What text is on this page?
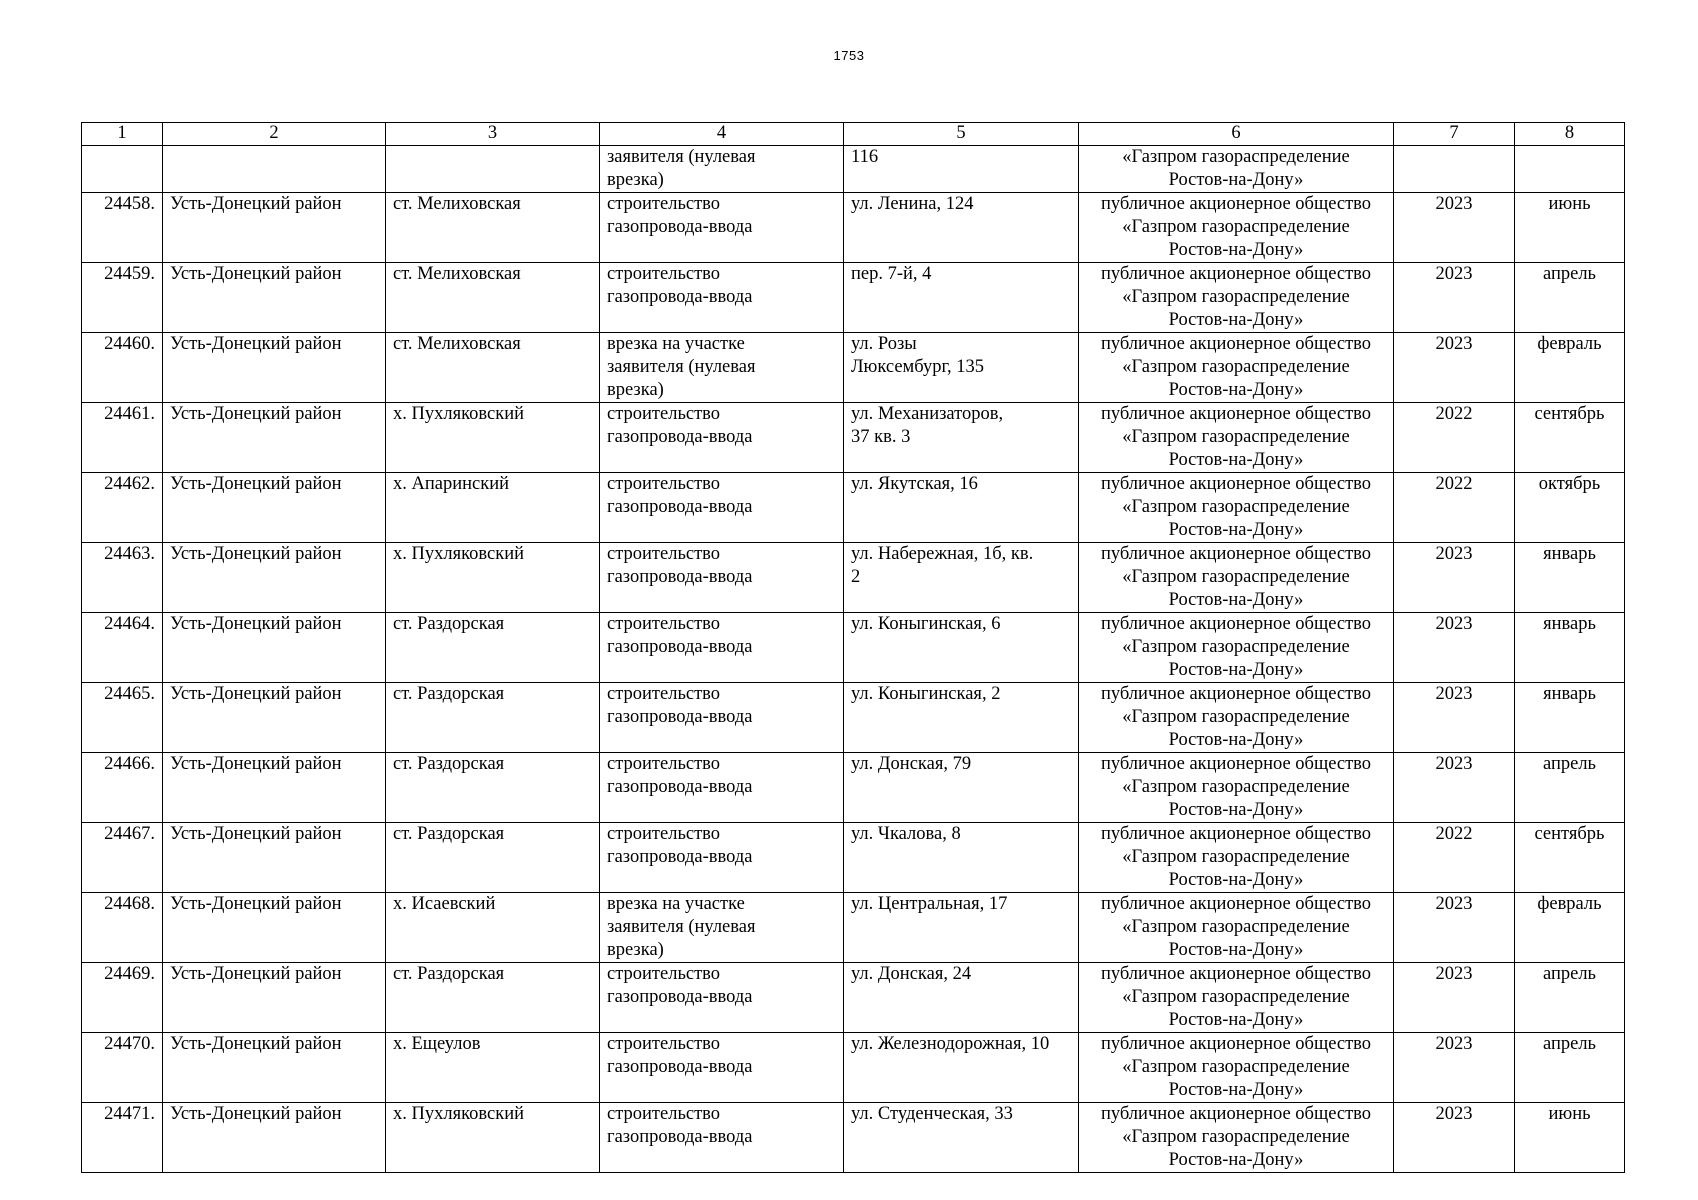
1753
1	2	3	4	5	6	7	8
			заявителя (нулевая
врезка)	116	«Газпром газораспределение
Ростов-на-Дону»		
24458.	Усть-Донецкий район	ст. Мелиховская	строительство
газопровода-ввода	ул. Ленина, 124	публичное акционерное общество
«Газпром газораспределение
Ростов-на-Дону»	2023	июнь
24459.	Усть-Донецкий район	ст. Мелиховская	строительство
газопровода-ввода	пер. 7-й, 4	публичное акционерное общество
«Газпром газораспределение
Ростов-на-Дону»	2023	апрель
24460.	Усть-Донецкий район	ст. Мелиховская	врезка на участке
заявителя (нулевая
врезка)	ул. Розы
Люксембург, 135	публичное акционерное общество
«Газпром газораспределение
Ростов-на-Дону»	2023	февраль
24461.	Усть-Донецкий район	х. Пухляковский	строительство
газопровода-ввода	ул. Механизаторов,
37 кв. 3	публичное акционерное общество
«Газпром газораспределение
Ростов-на-Дону»	2022	сентябрь
24462.	Усть-Донецкий район	х. Апаринский	строительство
газопровода-ввода	ул. Якутская, 16	публичное акционерное общество
«Газпром газораспределение
Ростов-на-Дону»	2022	октябрь
24463.	Усть-Донецкий район	х. Пухляковский	строительство
газопровода-ввода	ул. Набережная, 1б, кв.
2	публичное акционерное общество
«Газпром газораспределение
Ростов-на-Дону»	2023	январь
24464.	Усть-Донецкий район	ст. Раздорская	строительство
газопровода-ввода	ул. Коныгинская, 6	публичное акционерное общество
«Газпром газораспределение
Ростов-на-Дону»	2023	январь
24465.	Усть-Донецкий район	ст. Раздорская	строительство
газопровода-ввода	ул. Коныгинская, 2	публичное акционерное общество
«Газпром газораспределение
Ростов-на-Дону»	2023	январь
24466.	Усть-Донецкий район	ст. Раздорская	строительство
газопровода-ввода	ул. Донская, 79	публичное акционерное общество
«Газпром газораспределение
Ростов-на-Дону»	2023	апрель
24467.	Усть-Донецкий район	ст. Раздорская	строительство
газопровода-ввода	ул. Чкалова, 8	публичное акционерное общество
«Газпром газораспределение
Ростов-на-Дону»	2022	сентябрь
24468.	Усть-Донецкий район	х. Исаевский	врезка на участке
заявителя (нулевая
врезка)	ул. Центральная, 17	публичное акционерное общество
«Газпром газораспределение
Ростов-на-Дону»	2023	февраль
24469.	Усть-Донецкий район	ст. Раздорская	строительство
газопровода-ввода	ул. Донская, 24	публичное акционерное общество
«Газпром газораспределение
Ростов-на-Дону»	2023	апрель
24470.	Усть-Донецкий район	х. Ещеулов	строительство
газопровода-ввода	ул. Железнодорожная, 10	публичное акционерное общество
«Газпром газораспределение
Ростов-на-Дону»	2023	апрель
24471.	Усть-Донецкий район	х. Пухляковский	строительство
газопровода-ввода	ул. Студенческая, 33	публичное акционерное общество
«Газпром газораспределение
Ростов-на-Дону»	2023	июнь
